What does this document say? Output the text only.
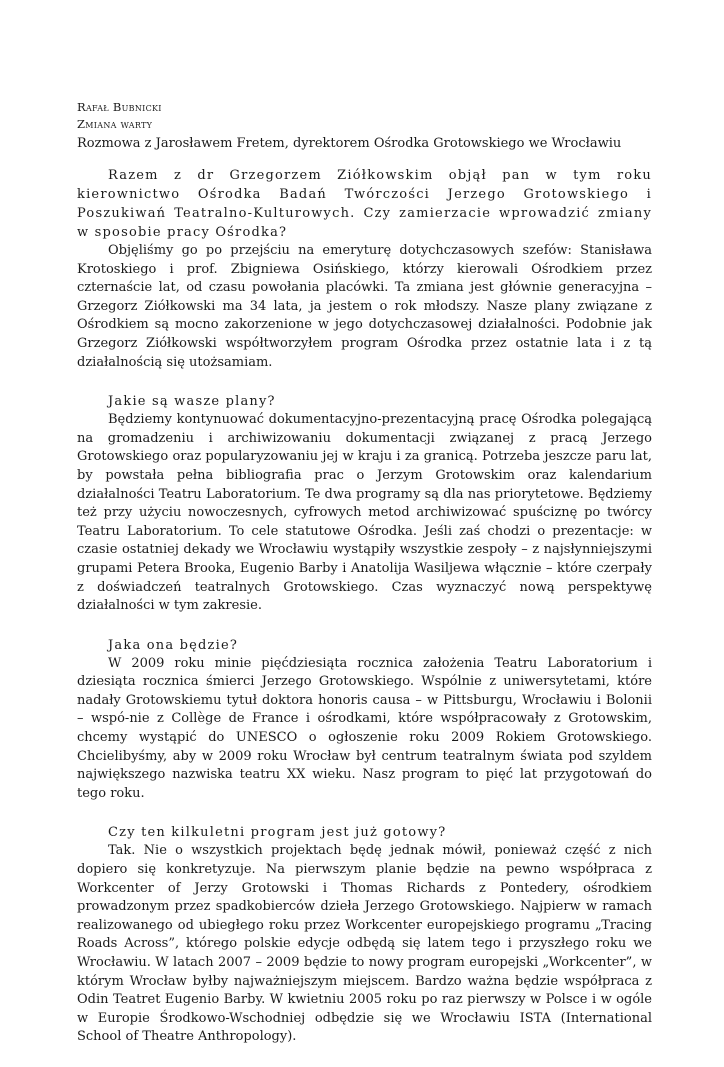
Rafał Bubnicki
Zmiana warty
Rozmowa z Jarosławem Fretem, dyrektorem Ośrodka Grotowskiego we Wrocławiu

Razem z dr Grzegorzem Ziółkowskim objął pan w tym roku kierownictwo Ośrodka Badań Twórczości Jerzego Grotowskiego i Poszukiwań Teatralno-Kulturowych. Czy zamierzacie wprowadzić zmiany w sposobie pracy Ośrodka?

Objęliśmy go po przejściu na emeryturę dotychczasowych szefów: Stanisława Krotoskiego i prof. Zbigniewa Osińskiego, którzy kierowali Ośrodkiem przez czternaście lat, od czasu powołania placówki. Ta zmiana jest głównie generacyjna – Grzegorz Ziółkowski ma 34 lata, ja jestem o rok młodszy. Nasze plany związane z Ośrodkiem są mocno zakorzenione w jego dotychczasowej działalności. Podobnie jak Grzegorz Ziółkowski współtworzyłem program Ośrodka przez ostatnie lata i z tą działalnością się utożsamiam.

Jakie są wasze plany?

Będziemy kontynuować dokumentacyjno-prezentacyjną pracę Ośrodka polegającą na gromadzeniu i archiwizowaniu dokumentacji związanej z pracą Jerzego Grotowskiego oraz popularyzowaniu jej w kraju i za granicą. Potrzeba jeszcze paru lat, by powstała pełna bibliografia prac o Jerzym Grotowskim oraz kalendarium działalności Teatru Laboratorium. Te dwa programy są dla nas priorytetowe. Będziemy też przy użyciu nowoczesnych, cyfrowych metod archiwizować spuściznę po twórcy Teatru Laboratorium. To cele statutowe Ośrodka. Jeśli zaś chodzi o prezentacje: w czasie ostatniej dekady we Wrocławiu wystąpiły wszystkie zespoły – z najsłynniejszymi grupami Petera Brooka, Eugenio Barby i Anatolija Wasiljewa włącznie – które czerpały z doświadczeń teatralnych Grotowskiego. Czas wyznaczyć nową perspektywę działalności w tym zakresie.

Jaka ona będzie?

W 2009 roku minie pięćdziesiąta rocznica założenia Teatru Laboratorium i dziesiąta rocznica śmierci Jerzego Grotowskiego. Wspólnie z uniwersytetami, które nadały Grotowskiemu tytuł doktora honoris causa – w Pittsburgu, Wrocławiu i Bolonii – wspó-nie z Collège de France i ośrodkami, które współpracowały z Grotowskim, chcemy wystąpić do UNESCO o ogłoszenie roku 2009 Rokiem Grotowskiego. Chcielibyśmy, aby w 2009 roku Wrocław był centrum teatralnym świata pod szyldem największego nazwiska teatru XX wieku. Nasz program to pięć lat przygotowań do tego roku.

Czy ten kilkuletni program jest już gotowy?

Tak. Nie o wszystkich projektach będę jednak mówił, ponieważ część z nich dopiero się konkretyzuje. Na pierwszym planie będzie na pewno współpraca z Workcenter of Jerzy Grotowski i Thomas Richards z Pontedery, ośrodkiem prowadzonym przez spadkobierców dzieła Jerzego Grotowskiego. Najpierw w ramach realizowanego od ubiegłego roku przez Workcenter europejskiego programu „Tracing Roads Across”, którego polskie edycje odbędą się latem tego i przyszłego roku we Wrocławiu. W latach 2007 – 2009 będzie to nowy program europejski „Workcenter”, w którym Wrocław byłby najważniejszym miejscem. Bardzo ważna będzie współpraca z Odin Teatret Eugenio Barby. W kwietniu 2005 roku po raz pierwszy w Polsce i w ogóle w Europie Środkowo-Wschodniej odbędzie się we Wrocławiu ISTA (International School of Theatre Anthropology).
